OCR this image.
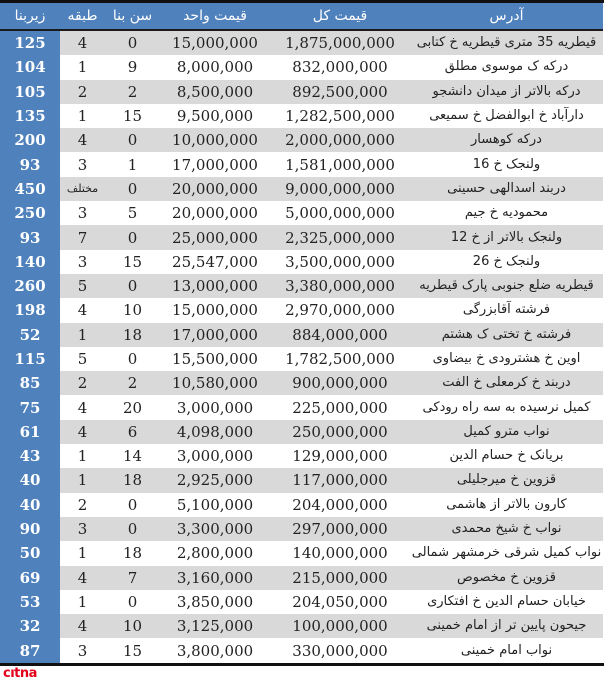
زیربنا	طبقه	سن بنا	قیمت واحد	قیمت کل	آدرس
125	4	0	15,000,000	1,875,000,000	قیطریه 35 متری قیطریه خ کتابی
104	1	9	8,000,000	832,000,000	درکه ک موسوی مطلق
105	2	2	8,500,000	892,500,000	درکه بالاتر از میدان دانشجو
135	1	15	9,500,000	1,282,500,000	دارآباد خ ابوالفضل خ سمیعی
200	4	0	10,000,000	2,000,000,000	درکه کوهسار
93	3	1	17,000,000	1,581,000,000	ولنجک خ 16
450	مختلف	0	20,000,000	9,000,000,000	دربند اسدالهی حسینی
250	3	5	20,000,000	5,000,000,000	محمودیه خ جیم
93	7	0	25,000,000	2,325,000,000	ولنجک بالاتر از خ 12
140	3	15	25,547,000	3,500,000,000	ولنجک خ 26
260	5	0	13,000,000	3,380,000,000	قیطریه ضلع جنوبی پارک قیطریه
198	4	10	15,000,000	2,970,000,000	فرشته آقابزرگی
52	1	18	17,000,000	884,000,000	فرشته خ تختی ک هشتم
115	5	0	15,500,000	1,782,500,000	اوین خ هشترودی خ بیضاوی
85	2	2	10,580,000	900,000,000	دربند خ کرمعلی خ الفت
75	4	20	3,000,000	225,000,000	کمیل نرسیده به سه راه رودکی
61	4	6	4,098,000	250,000,000	نواب مترو کمیل
43	1	14	3,000,000	129,000,000	بریانک خ حسام الدین
40	1	18	2,925,000	117,000,000	قزوین خ میرجلیلی
40	2	0	5,100,000	204,000,000	کارون بالاتر از هاشمی
90	3	0	3,300,000	297,000,000	نواب خ شیخ محمدی
50	1	18	2,800,000	140,000,000	نواب کمیل شرقی خرمشهر شمالی
69	4	7	3,160,000	215,000,000	قزوین خ مخصوص
53	1	0	3,850,000	204,050,000	خیابان حسام الدین خ افتکاری
32	4	10	3,125,000	100,000,000	جیحون پایین تر از امام خمینی
87	3	15	3,800,000	330,000,000	نواب امام خمینی
cıtna
